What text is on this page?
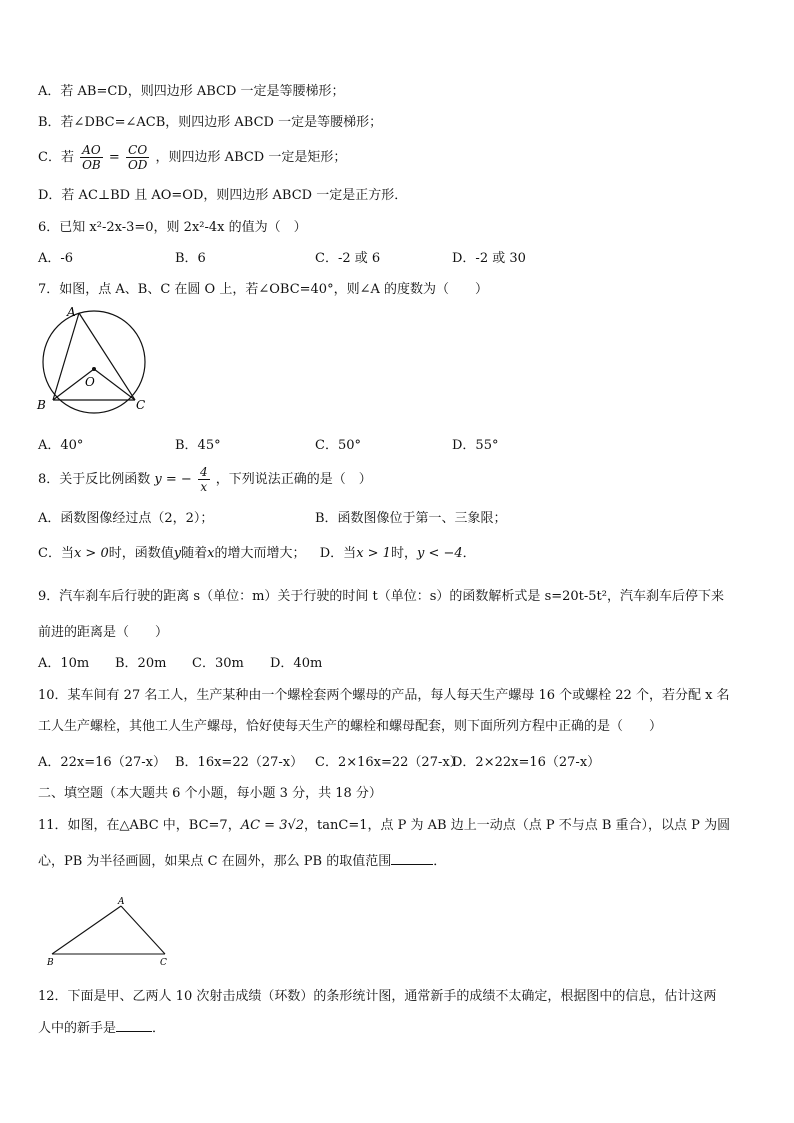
A．若 AB=CD，则四边形 ABCD 一定是等腰梯形；
B．若∠DBC=∠ACB，则四边形 ABCD 一定是等腰梯形；
C．若 $\frac{AO}{OB} = \frac{CO}{OD}$ ，则四边形 ABCD 一定是矩形；
D．若 AC⊥BD 且 AO=OD，则四边形 ABCD 一定是正方形．
6．已知 x²-2x-3=0，则 2x²-4x 的值为（　）
A．-6	B．6	C．-2 或 6	D．-2 或 30
7．如图，点 A、B、C 在圆 O 上，若∠OBC=40°，则∠A 的度数为（　　）
A
O
B	C
A．40°	B．45°	C．50°	D．55°
8．关于反比例函数 y = − $\frac{4}{x}$ ，下列说法正确的是（　）
A．函数图像经过点（2，2）；	B．函数图像位于第一、三象限；
C．当x > 0时，函数值y随着x的增大而增大； D．当x > 1时，y < −4．
9．汽车刹车后行驶的距离 s（单位：m）关于行驶的时间 t（单位：s）的函数解析式是 s=20t-5t²，汽车刹车后停下来
前进的距离是（　　）
A．10m B．20m C．30m D．40m
10．某车间有 27 名工人，生产某种由一个螺栓套两个螺母的产品，每人每天生产螺母 16 个或螺栓 22 个，若分配 x 名
工人生产螺栓，其他工人生产螺母，恰好使每天生产的螺栓和螺母配套，则下面所列方程中正确的是（　　）
A．22x=16（27-x） B．16x=22（27-x） C．2×16x=22（27-x）
D．2×22x=16（27-x）
二、填空题（本大题共 6 个小题，每小题 3 分，共 18 分）
11．如图，在△ABC 中，BC=7，AC = 3√2，tanC=1，点 P 为 AB 边上一动点（点 P 不与点 B 重合），以点 P 为圆
心，PB 为半径画圆，如果点 C 在圆外，那么 PB 的取值范围	．
A
B	C
12．下面是甲、乙两人 10 次射击成绩（环数）的条形统计图，通常新手的成绩不太确定，根据图中的信息，估计这两
人中的新手是	．
